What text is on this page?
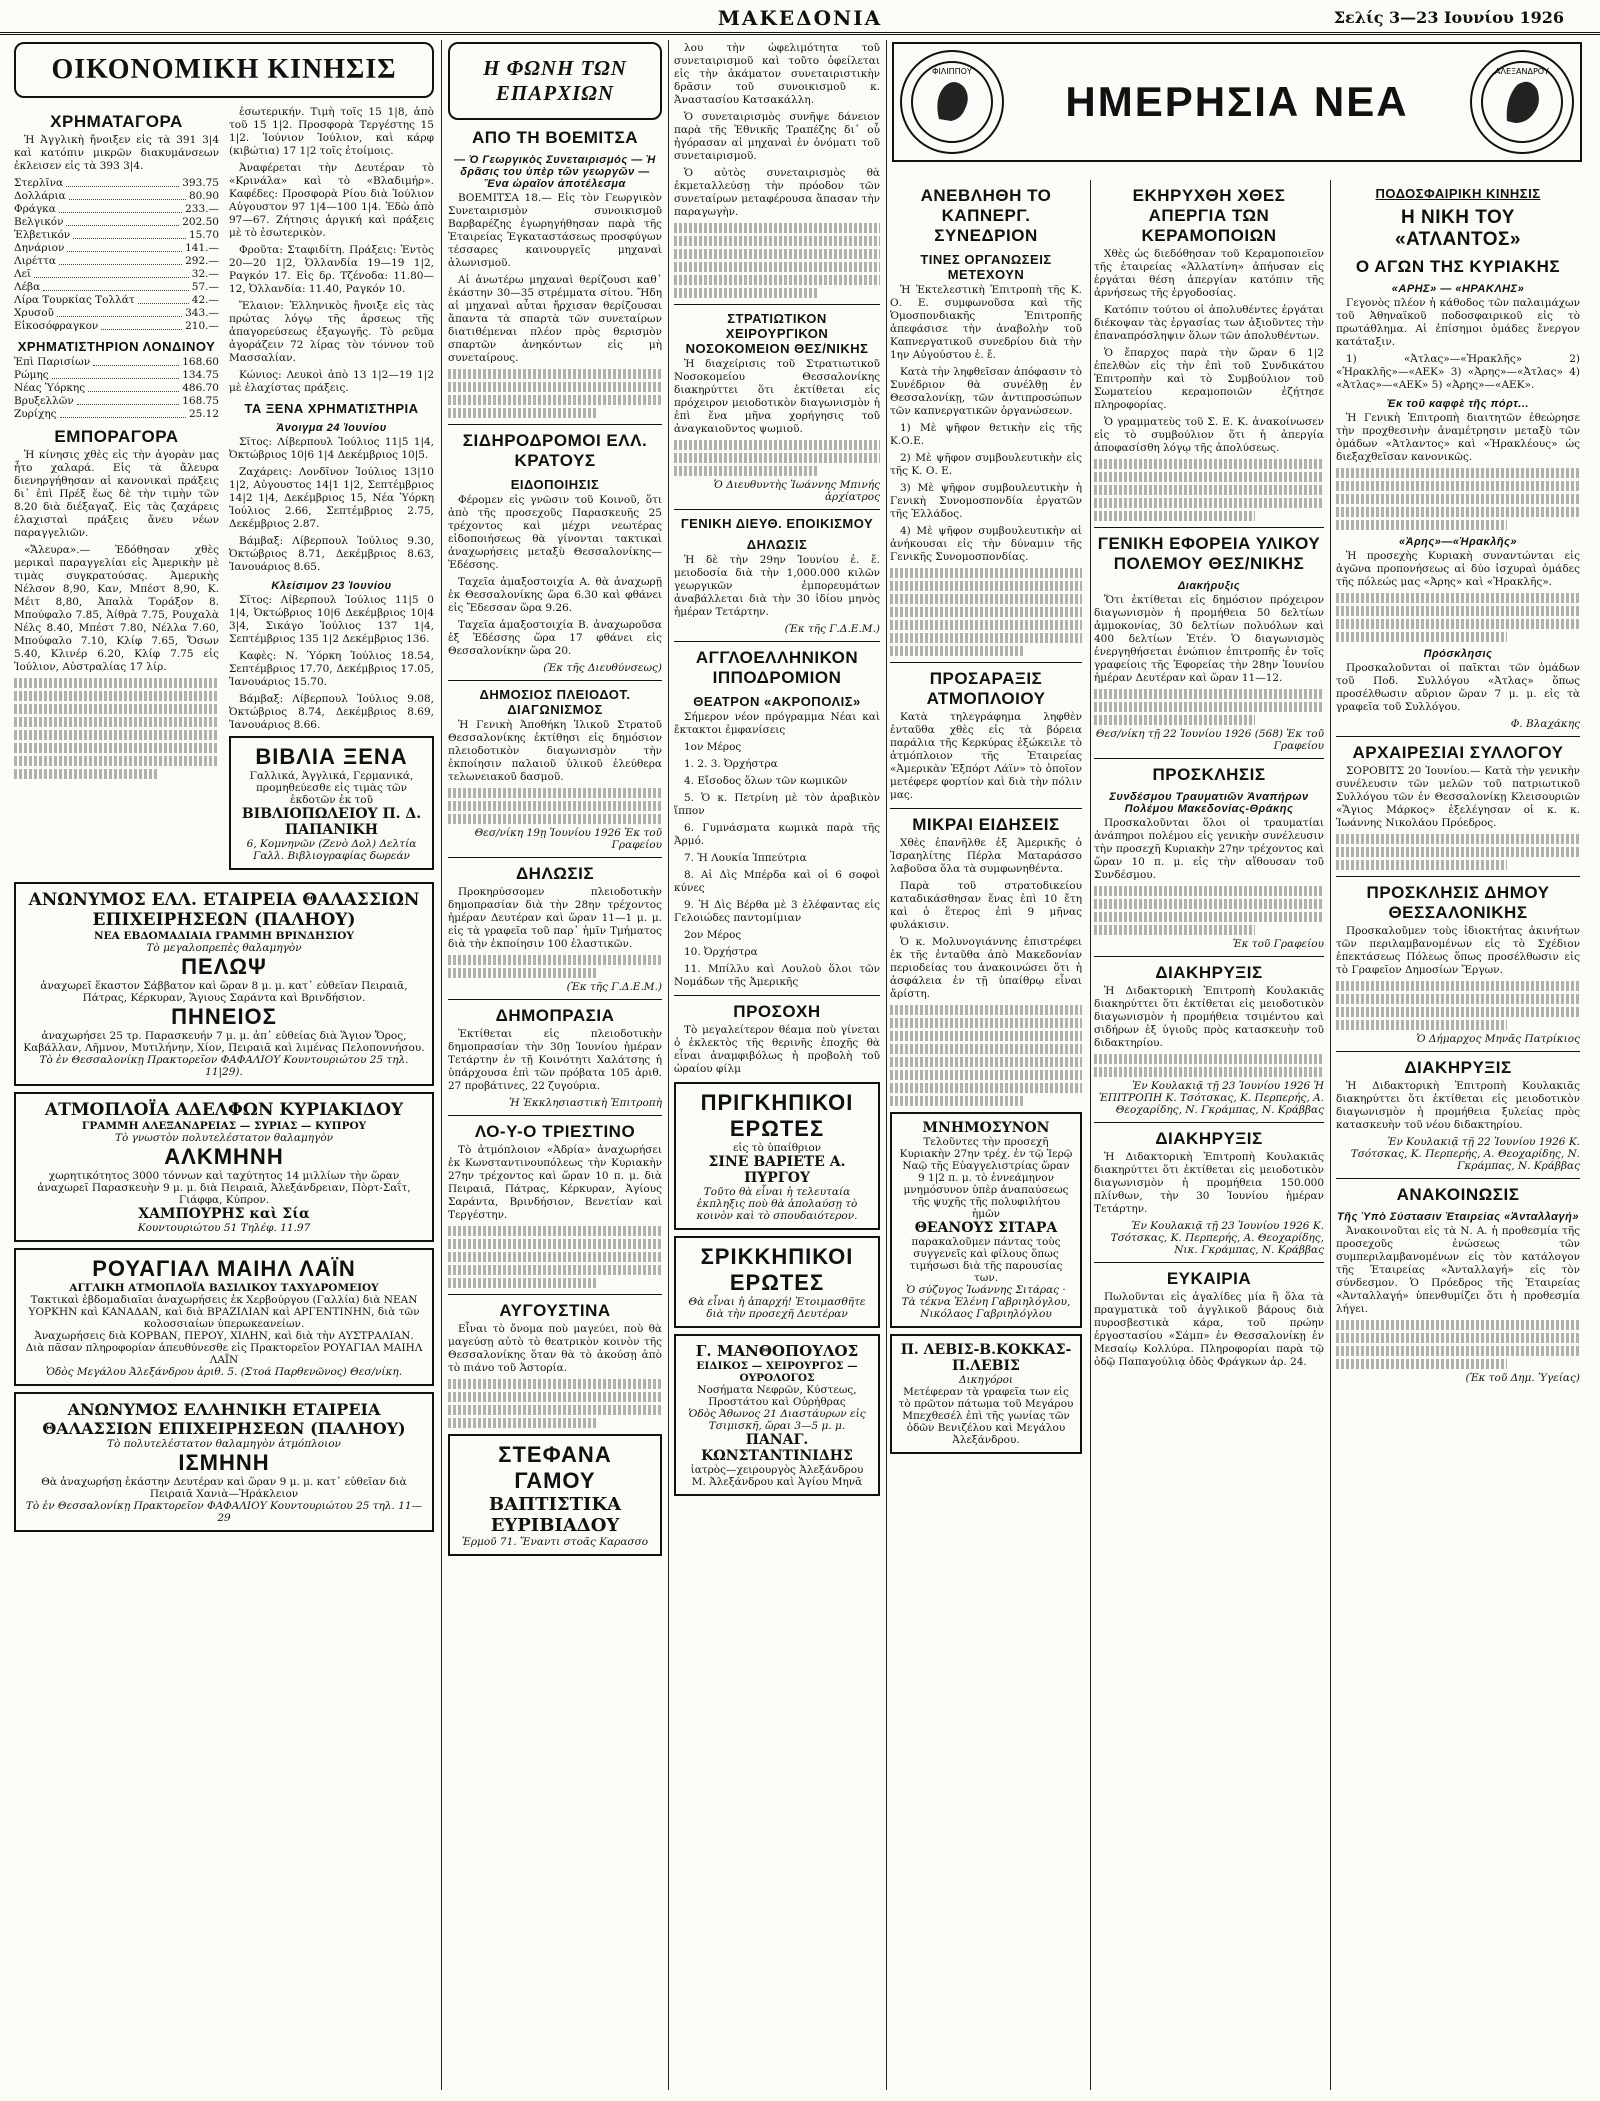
ΜΑΚΕΔΟΝΙΑ	Σελίς 3—23 Ιουνίου 1926
ΟΙΚΟΝΟΜΙΚΗ ΚΙΝΗΣΙΣ
ΧΡΗΜΑΤΑΓΟΡΑ

Ἡ Ἀγγλικὴ ἤνοιξεν εἰς τὰ 391 3|4 καὶ κατόπιν μικρῶν διακυμάνσεων ἐκλεισεν εἰς τὰ 393 3|4.

Στερλῖνα	393.75
Δολλάρια	80.90
Φράγκα	233.—
Βελγικόν	202.50
Ἑλβετικόν	15.70
Δηνάριον	141.—
Λιρέττα	292.—
Λεῖ	32.—
Λέβα	57.—
Λίρα Τουρκίας Τολλάτ	42.—
Χρυσοῦ	343.—
Εἰκοσόφραγκον	210.—
ΧΡΗΜΑΤΙΣΤΗΡΙΟΝ ΛΟΝΔΙΝΟΥ
Ἐπὶ Παρισίων	168.60
Ρώμης	134.75
Νέας Ὑόρκης	486.70
Βρυξελλῶν	168.75
Ζυρίχης	25.12
ΕΜΠΟΡΑΓΟΡΑ

Ἡ κίνησις χθὲς εἰς τὴν ἀγορὰν μας ἦτο χαλαρά. Εἰς τὰ ἄλευρα διενηργήθησαν αἱ κανονικαὶ πράξεις δι᾽ ἐπὶ Πρέξ ἕως δὲ τὴν τιμὴν τῶν 8.20 διὰ διέξαγαζ. Εἰς τὰς ζαχάρεις ἐλαχισταὶ πράξεις ἄνευ νέων παραγγελιῶν.

«Ἄλευρα».— Ἐδόθησαν χθὲς μερικαὶ παραγγελίαι εἰς Ἀμερικὴν μὲ τιμὰς συγκρατούσας. Ἀμερικὴς Νέλσον 8,90, Καν, Μπέστ 8,90, Κ. Μέιτ 8,80, Ἀπαλὰ Τοράξον 8. Μπούφαλο 7.85, Ἀίθρὰ 7.75, Ρουχαλὰ Νέλς 8.40, Μπέστ 7.80, Νέλλα 7.60, Μπούφαλο 7.10, Κλίφ 7.65, Ὄσων 5.40, Κλινέρ 6.20, Κλίφ 7.75 εἰς Ἰούλιον, Αὐστραλίας 17 λίρ.

ἐσωτερικήν. Τιμὴ τοῖς 15 1|8, ἀπὸ τοῦ 15 1|2. Προσφορὰ Τεργέστης 15 1|2. Ἰούνιον Ἰούλιον, καὶ κάρφ (κιβώτια) 17 1|2 τοῖς ἐτοίμοις.

Ἀναφέρεται τὴν Δευτέραν τὸ «Κρινάλα» καὶ τὸ «Βλαδιμήρ». Καφέδες: Προσφορὰ Ρίου διὰ Ἰούλιον Αὐγουστον 97 1|4—100 1|4. Ἐδὼ ἀπὸ 97—67. Ζήτησις ἀργική καὶ πράξεις μὲ τὸ ἐσωτερικὸν.

Φροῦτα: Σταφιδίτη. Πράξεις: Ἐντὸς 20—20 1|2, Ὀλλανδία 19—19 1|2, Ραγκόν 17. Εἰς δρ. Τζένοδα: 11.80—12, Ὀλλανδία: 11.40, Ραγκόν 10.

Ἔλαιον: Ἑλληνικὸς ἤνοιξε εἰς τὰς πρώτας λόγῳ τῆς ἀρσεως τῆς ἀπαγορεύσεως ἐξαγωγῆς. Τὸ ρεῦμα ἀγοράζειν 72 λίρας τὸν τόννον τοῦ Μασσαλίαν.

Κώνιος: Λευκοὶ ἀπὸ 13 1|2—19 1|2 μὲ ἐλαχίστας πράξεις.

ΤΑ ΞΕΝΑ ΧΡΗΜΑΤΙΣΤΗΡΙΑ
Ἀνοιγμα 24 Ἰουνίου

Σῖτος: Λίβερπουλ Ἰούλιος 11|5 1|4, Ὀκτώβριος 10|6 1|4 Δεκέμβριος 10|5.

Ζαχάρεις: Λονδῖνον Ἰούλιος 13|10 1|2, Αὐγουστος 14|1 1|2, Σεπτέμβριος 14|2 1|4, Δεκέμβριος 15, Νέα Ὑόρκη Ἰούλιος 2.66, Σεπτέμβριος 2.75, Δεκέμβριος 2.87.

Βάμβαξ: Λίβερπουλ Ἰούλιος 9.30, Ὀκτώβριος 8.71, Δεκέμβριος 8.63, Ἰανουάριος 8.65.

Κλείσιμον 23 Ἰουνίου

Σῖτος: Λίβερπουλ Ἰούλιος 11|5 0 1|4, Ὀκτώβριος 10|6 Δεκέμβριος 10|4 3|4, Σικάγο Ἰούλιος 137 1|4, Σεπτέμβριος 135 1|2 Δεκέμβριος 136.

Καφὲς: Ν. Ὑόρκη Ἰούλιος 18.54, Σεπτέμβριος 17.70, Δεκέμβριος 17.05, Ἰανουάριος 15.70.

Βάμβαξ: Λίβερπουλ Ἰούλιος 9.08, Ὀκτώβριος 8.74, Δεκέμβριος 8.69, Ἰανουάριος 8.66.

ΒΙΒΛΙΑ ΞΕΝΑ
Γαλλικά, Ἀγγλικά, Γερμανικά, προμηθεύεσθε εἰς τιμὰς τῶν ἐκδοτῶν ἐκ τοῦ
ΒΙΒΛΙΟΠΩΛΕΙΟΥ Π. Δ. ΠΑΠΑΝΙΚΗ
6, Κομνηνῶν (Ζενὸ Δολ) Δελτία Γαλλ. Βιβλιογραφίας δωρεάν
ΑΝΩΝΥΜΟΣ ΕΛΛ. ΕΤΑΙΡΕΙΑ ΘΑΛΑΣΣΙΩΝ ΕΠΙΧΕΙΡΗΣΕΩΝ (ΠΑΛΗΟΥ)
ΝΕΑ ΕΒΔΟΜΑΔΙΑΙΑ ΓΡΑΜΜΗ ΒΡΙΝΔΗΣΙΟΥ
Τὸ μεγαλοπρεπὲς θαλαμηγὸν
ΠΕΛΩΨ
ἀναχωρεῖ ἕκαστον Σάββατον καὶ ὥραν 8 μ. μ. κατ᾽ εὐθεῖαν Πειραιᾶ, Πάτρας, Κέρκυραν, Ἅγιους Σαράντα καὶ Βρινδήσιον.
ΠΗΝΕΙΟΣ
ἀναχωρήσει 25 τρ. Παρασκευήν 7 μ. μ. ἀπ᾽ εὐθείας διὰ Ἅγιον Ὄρος, Καβάλλαν, Λῆμνον, Μυτιλήνην, Χίον, Πειραιᾶ καὶ λιμένας Πελοποννήσου.
Τὸ ἐν Θεσσαλονίκῃ Πρακτορεῖον ΦΑΦΑΛΙΟΥ Κουντουριώτου 25 τηλ. 11|29).
ΑΤΜΟΠΛΟΪΑ ΑΔΕΛΦΩΝ ΚΥΡΙΑΚΙΔΟΥ
ΓΡΑΜΜΗ ΑΛΕΞΑΝΔΡΕΙΑΣ — ΣΥΡΙΑΣ — ΚΥΠΡΟΥ
Τὸ γνωστὸν πολυτελέστατον θαλαμηγὸν
ΑΛΚΜΗΝΗ
χωρητικότητος 3000 τόννων καὶ ταχύτητος 14 μιλλίων τὴν ὥραν ἀναχωρεῖ Παρασκευὴν 9 μ. μ. διὰ Πειραιᾶ, Ἀλεξάνδρειαν, Πὸρτ-Σαΐτ, Γιάφφα, Κύπρον.
ΧΑΜΠΟΥΡΗΣ καὶ Σία
Κουντουριώτου 51 Τηλέφ. 11.97
ΡΟΥΑΓΙΑΛ ΜΑΙΗΛ ΛΑΪΝ
ΑΓΓΛΙΚΗ ΑΤΜΟΠΛΟΪΑ ΒΑΣΙΛΙΚΟΥ ΤΑΧΥΔΡΟΜΕΙΟΥ
Τακτικαὶ ἑβδομαδιαῖαι ἀναχωρήσεις ἐκ Χερβούργου (Γαλλία) διὰ ΝΕΑΝ ΥΟΡΚΗΝ καὶ ΚΑΝΑΔΑΝ, καὶ διὰ ΒΡΑΖΙΛΙΑΝ καὶ ΑΡΓΕΝΤΙΝΗΝ, διὰ τῶν κολοσσιαίων ὑπερωκεανείων.
Ἀναχωρήσεις διὰ ΚΟΡΒΑΝ, ΠΕΡΟΥ, ΧΙΛΗΝ, καὶ διὰ τὴν ΑΥΣΤΡΑΛΙΑΝ.
Διὰ πᾶσαν πληροφορίαν ἀπευθύνεσθε εἰς Πρακτορεῖον ΡΟΥΑΓΙΑΛ ΜΑΙΗΛ ΛΑΪΝ
Ὁδὸς Μεγάλου Ἀλεξάνδρου ἀριθ. 5. (Στοά Παρθενῶνος) Θεσ/νίκη.
ΑΝΩΝΥΜΟΣ ΕΛΛΗΝΙΚΗ ΕΤΑΙΡΕΙΑ ΘΑΛΑΣΣΙΩΝ ΕΠΙΧΕΙΡΗΣΕΩΝ (ΠΑΛΗΟΥ)
Τὸ πολυτελέστατον θαλαμηγὸν ἀτμόπλοιον
ΙΣΜΗΝΗ
Θὰ ἀναχωρήσῃ ἑκάστην Δευτέραν καὶ ὥραν 9 μ. μ. κατ᾽ εὐθεῖαν διὰ Πειραιᾶ Χανιὰ—Ἡράκλειον
Τὸ ἐν Θεσσαλονίκῃ Πρακτορεῖον ΦΑΦΑΛΙΟΥ Κουντουριώτου 25 τηλ. 11—29
Η ΦΩΝΗ ΤΩΝ ΕΠΑΡΧΙΩΝ
ΑΠΟ ΤΗ ΒΟΕΜΙΤΣΑ
— Ὁ Γεωργικὸς Συνεταιρισμός — Ἡ δρᾶσις του ὑπὲρ τῶν γεωργῶν — Ἕνα ὡραῖον ἀποτέλεσμα

ΒΟΕΜΙΤΣΑ 18.— Εἰς τὸν Γεωργικὸν Συνεταιρισμὸν συνοικισμοῦ Βαρβαρέζης ἐγωρηγήθησαν παρὰ τῆς Ἐταιρείας Ἐγκαταστάσεως προσφύγων τέσσαρες καινουργεῖς μηχαναὶ ἀλωνισμοῦ.

Αἱ ἀνωτέρω μηχαναὶ θερίζουσι καθ᾽ ἑκάστην 30—35 στρέμματα σίτου. Ἤδη αἱ μηχαναὶ αὗται ἤρχισαν θερίζουσαι ἅπαντα τὰ σπαρτὰ τῶν συνεταίρων διατιθέμεναι πλέον πρὸς θερισμὸν σπαρτῶν ἀνηκόντων εἰς μὴ συνεταίρους.

ΣΙΔΗΡΟΔΡΟΜΟΙ ΕΛΛ. ΚΡΑΤΟΥΣ
ΕΙΔΟΠΟΙΗΣΙΣ

Φέρομεν εἰς γνῶσιν τοῦ Κοινοῦ, ὅτι ἀπὸ τῆς προσεχοῦς Παρασκευῆς 25 τρέχοντος καὶ μέχρι νεωτέρας εἰδοποιήσεως θὰ γίνονται τακτικαὶ ἀναχωρήσεις μεταξὺ Θεσσαλονίκης—Ἐδέσσης.

Ταχεῖα ἁμαξοστοιχία Α. θὰ ἀναχωρῇ ἐκ Θεσσαλονίκης ὥρα 6.30 καὶ φθάνει εἰς Ἔδεσσαν ὥρα 9.26.

Ταχεῖα ἁμαξοστοιχία Β. ἀναχωροῦσα ἐξ Ἐδέσσης ὥρα 17 φθάνει εἰς Θεσσαλονίκην ὥρα 20.

(Ἐκ τῆς Διευθύνσεως)
ΔΗΜΟΣΙΟΣ ΠΛΕΙΟΔΟΤ. ΔΙΑΓΩΝΙΣΜΟΣ

Ἡ Γενικὴ Ἀποθήκη Ἰλικοῦ Στρατοῦ Θεσσαλονίκης ἐκτίθησι εἰς δημόσιον πλειοδοτικὸν διαγωνισμὸν τὴν ἐκποίησιν παλαιοῦ ὑλικοῦ ἐλεύθερα τελωνειακοῦ δασμοῦ.

Θεσ/νίκη 19ῃ Ἰουνίου 1926 Ἐκ τοῦ Γραφείου
ΔΗΛΩΣΙΣ

Προκηρύσσομεν πλειοδοτικὴν δημοπρασίαν διὰ τὴν 28ην τρέχοντος ἡμέραν Δευτέραν καὶ ὥραν 11—1 μ. μ. εἰς τὰ γραφεῖα τοῦ παρ᾽ ἡμῖν Τμήματος διὰ τὴν ἐκποίησιν 100 ἐλαστικῶν.

(Ἐκ τῆς Γ.Δ.Ε.Μ.)
ΔΗΜΟΠΡΑΣΙΑ

Ἐκτίθεται εἰς πλειοδοτικὴν δημοπρασίαν τὴν 30ῃ Ἰουνίου ἡμέραν Τετάρτην ἐν τῇ Κοινότητι Χαλάτσης ἡ ὑπάρχουσα ἐπὶ τῶν πρόβατα 105 ἀριθ. 27 προβάτινες, 22 ζυγούρια.

Ἡ Ἐκκλησιαστικὴ Ἐπιτροπὴ
ΛΟ-Υ-Ο ΤΡΙΕΣΤΙΝΟ

Τὸ ἀτμόπλοιον «Ἀδρία» ἀναχωρήσει ἐκ Κωνσταντινουπόλεως τὴν Κυριακὴν 27ην τρέχοντος καὶ ὥραν 10 π. μ. διὰ Πειραιᾶ, Πάτρας, Κέρκυραν, Ἀγίους Σαράντα, Βρινδήσιον, Βενετίαν καὶ Τεργέστην.

ΑΥΓΟΥΣΤΙΝΑ

Εἶναι τὸ ὄνομα ποὺ μαγεύει, ποὺ θὰ μαγεύσῃ αὐτὸ τὸ θεατρικὸν κοινὸν τῆς Θεσσαλονίκης ὅταν θὰ τὸ ἀκούσῃ ἀπὸ τὸ πιάνο τοῦ Ἀστορία.

ΣΤΕΦΑΝΑ ΓΑΜΟΥ
ΒΑΠΤΙΣΤΙΚΑ
ΕΥΡΙΒΙΑΔΟΥ
Ἐρμοῦ 71. Ἔναντι στοᾶς Καρασσο

λου τὴν ὠφελιμότητα τοῦ συνεταιρισμοῦ καὶ τοῦτο ὀφείλεται εἰς τὴν ἀκάματον συνεταιριστικὴν δρᾶσιν τοῦ συνοικισμοῦ κ. Ἀναστασίου Κατσακάλλη.

Ὁ συνεταιρισμὸς συνῆψε δάνειον παρὰ τῆς Ἐθνικῆς Τραπέζης δι᾽ οὗ ἠγόρασαν αἱ μηχαναὶ ἐν ὀνόματι τοῦ συνεταιρισμοῦ.

Ὁ αὐτὸς συνεταιρισμὸς θὰ ἐκμεταλλεύσῃ τὴν πρόοδον τῶν συνεταίρων μεταφέρουσα ἅπασαν τὴν παραγωγὴν.

ΣΤΡΑΤΙΩΤΙΚΟΝ ΧΕΙΡΟΥΡΓΙΚΟΝ ΝΟΣΟΚΟΜΕΙΟΝ ΘΕΣ/ΝΙΚΗΣ

Ἡ διαχείρισις τοῦ Στρατιωτικοῦ Νοσοκομείου Θεσσαλονίκης διακηρύττει ὅτι ἐκτίθεται εἰς πρόχειρον μειοδοτικὸν διαγωνισμὸν ἡ ἐπὶ ἕνα μῆνα χορήγησις τοῦ ἀναγκαιοῦντος ψωμιοῦ.

Ὁ Διευθυντὴς Ἰωάννης Μπινής ἀρχίατρος
ΓΕΝΙΚΗ ΔΙΕΥΘ. ΕΠΟΙΚΙΣΜΟΥ
ΔΗΛΩΣΙΣ

Ἡ δὲ τὴν 29ην Ἰουνίου ἐ. ἔ. μειοδοσία διὰ τὴν 1,000.000 κιλῶν γεωργικῶν ἐμπορευμάτων ἀναβάλλεται διὰ τὴν 30 ἰδίου μηνὸς ἡμέραν Τετάρτην.

(Ἐκ τῆς Γ.Δ.Ε.Μ.)
ΑΓΓΛΟΕΛΛΗΝΙΚΟΝ ΙΠΠΟΔΡΟΜΙΟΝ
ΘΕΑΤΡΟΝ «ΑΚΡΟΠΟΛΙΣ»

Σήμερον νέον πρόγραμμα Νέαι καὶ ἔκτακτοι ἐμφανίσεις

1ον Μέρος

1. 2. 3. Ὀρχήστρα

4. Εἴσοδος ὅλων τῶν κωμικῶν

5. Ὁ κ. Πετρίνη μὲ τὸν ἀραβικὸν ἵππον

6. Γυμνάσματα κωμικὰ παρὰ τῆς Ἀρμό.

7. Ἡ Λουκία Ἱππεύτρια

8. Αἱ Δὶς Μπέρδα καὶ οἱ 6 σοφοὶ κύνες

9. Ἡ Δὶς Βέρθα μὲ 3 ἐλέφαντας εἰς Γελοιώδες παντομίμιαν

2ον Μέρος

10. Ὀρχήστρα

11. Μπίλλυ καὶ Λουλοὺ ὅλοι τῶν Νομάδων τῆς Ἀμερικῆς

ΠΡΟΣΟΧΗ

Τὸ μεγαλείτερον θέαμα ποὺ γίνεται ὁ ἐκλεκτὸς τῆς θερινῆς ἐποχῆς θὰ εἶναι ἀναμφιβόλως ἡ προβολὴ τοῦ ὡραίου φίλμ

ΠΡΙΓΚΗΠΙΚΟΙ ΕΡΩΤΕΣ
εἰς τὸ ὑπαίθριον
ΣΙΝΕ ΒΑΡΙΕΤΕ Α. ΠΥΡΓΟΥ
Τοῦτο θὰ εἶναι ἡ τελευταία ἐκπληξις ποὺ θὰ ἀπολαύσῃ τὸ κοινὸν καὶ τὸ σπουδαιότερον.
ΣΡΙΚΚΗΠΙΚΟΙ ΕΡΩΤΕΣ
Θὰ εἶναι ἡ ἀπαρχή! Ἑτοιμασθῆτε διὰ τὴν προσεχῆ Δευτέραν
Γ. ΜΑΝΘΟΠΟΥΛΟΣ
ΕΙΔΙΚΟΣ — ΧΕΙΡΟΥΡΓΟΣ — ΟΥΡΟΛΟΓΟΣ
Νοσήματα Νεφρῶν, Κύστεως, Προστάτου καὶ Οὐρήθρας
Ὁδὸς Ἀθωνος 21 Διαστάυρων εἰς Τσιμισκῆ, ὥραι 3—5 μ. μ.
ΠΑΝΑΓ. ΚΩΝΣΤΑΝΤΙΝΙΔΗΣ
ἰατρὸς—χειρουργὸς Ἀλεξάνδρου Μ. Ἀλεξάνδρου καὶ Ἁγίου Μηνᾶ
ΦΙΛΙΠΠΟΥ
ΗΜΕΡΗΣΙΑ ΝΕΑ
ΑΛΕΞΑΝΔΡΟΥ
ΑΝΕΒΛΗΘΗ ΤΟ ΚΑΠΝΕΡΓ. ΣΥΝΕΔΡΙΟΝ
ΤΙΝΕΣ ΟΡΓΑΝΩΣΕΙΣ ΜΕΤΕΧΟΥΝ

Ἡ Ἐκτελεστικὴ Ἐπιτροπὴ τῆς Κ. Ο. Ε. συμφωνοῦσα καὶ τῆς Ὁμοσπονδιακῆς Ἐπιτροπῆς ἀπεφάσισε τὴν ἀναβολὴν τοῦ Καπνεργατικοῦ συνεδρίου διὰ τὴν 1ην Αὐγούστου ἐ. ἔ.

Κατὰ τὴν ληφθεῖσαν ἀπόφασιν τὸ Συνέδριον θὰ συνέλθῃ ἐν Θεσσαλονίκῃ, τῶν ἀντιπροσώπων τῶν καπνεργατικῶν ὀργανώσεων.

1) Μὲ ψῆφον θετικὴν εἰς τῆς Κ.Ο.Ε.

2) Μὲ ψῆφον συμβουλευτικὴν εἰς τῆς Κ. Ο. Ε.

3) Μὲ ψῆφον συμβουλευτικὴν ἡ Γενικὴ Συνομοσπονδία ἐργατῶν τῆς Ἑλλάδος.

4) Μὲ ψῆφον συμβουλευτικὴν αἱ ἀνήκουσαι εἰς τὴν δύναμιν τῆς Γενικῆς Συνομοσπονδίας.

ΠΡΟΣΑΡΑΞΙΣ ΑΤΜΟΠΛΟΙΟΥ

Κατὰ τηλεγράφημα ληφθὲν ἐνταῦθα χθὲς εἰς τὰ βόρεια παράλια τῆς Κερκύρας ἐξώκειλε τὸ ἀτμόπλοιον τῆς Ἐταιρείας «Ἀμερικὰν Ἐξπόρτ Λάϊν» τὸ ὁποῖον μετέφερε φορτίον καὶ διὰ τὴν πόλιν μας.

ΜΙΚΡΑΙ ΕΙΔΗΣΕΙΣ

Χθὲς ἐπανῆλθε ἐξ Ἀμερικῆς ὁ Ἰσραηλίτης Πέρλα Ματαράσσο λαβοῦσα ὅλα τὰ συμφωνηθέντα.

Παρὰ τοῦ στρατοδικείου καταδικάσθησαν ἕνας ἐπὶ 10 ἔτη καὶ ὁ ἕτερος ἐπὶ 9 μῆνας φυλάκισιν.

Ὁ κ. Μολυνογιάννης ἐπιστρέφει ἐκ τῆς ἐνταῦθα ἀπὸ Μακεδονίαν περιοδείας του ἀνακοινώσει ὅτι ἡ ἀσφάλεια ἐν τῇ ὑπαίθρῳ εἶναι ἄρίστη.

ΜΝΗΜΟΣΥΝΟΝ
Τελοῦντες τὴν προσεχῆ Κυριακὴν 27ην τρέχ. ἐν τῷ Ἱερῷ Ναῷ τῆς Εὐαγγελιστρίας ὥραν 9 1|2 π. μ. τὸ ἐννεάμηνον μνημόσυνον ὑπὲρ ἀναπαύσεως τῆς ψυχῆς τῆς πολυφιλήτου ἡμῶν
ΘΕΑΝΟΥΣ ΣΙΤΑΡΑ
παρακαλοῦμεν πάντας τοὺς συγγενεῖς καὶ φίλους ὅπως τιμήσωσι διὰ τῆς παρουσίας των.
Ὁ σύζυγος Ἰωάννης Σιτάρας · Τὰ τέκνα Ἑλένη Γαβριηλόγλου, Νικόλαος Γαβριηλόγλου
Π. ΛΕΒΙΣ-Β.ΚΟΚΚΑΣ-Π.ΛΕΒΙΣ
Δικηγόροι
Μετέφεραν τὰ γραφεῖα των εἰς τὸ πρῶτον πάτωμα τοῦ Μεγάρου Μπεχθεσέλ ἐπὶ τῆς γωνίας τῶν ὁδῶν Βενιζέλου καὶ Μεγάλου Ἀλεξάνδρου.
ΕΚΗΡΥΧΘΗ ΧΘΕΣ ΑΠΕΡΓΙΑ ΤΩΝ ΚΕΡΑΜΟΠΟΙΩΝ

Χθὲς ὡς διεδόθησαν τοῦ Κεραμοποιεῖον τῆς ἐταιρείας «Ἀλλατίνη» ἀπήυσαν εἰς ἐργάται θέση ἀπεργίαν κατόπιν τῆς ἀρνήσεως τῆς ἐργοδοσίας.

Κατόπιν τούτου οἱ ἀπολυθέντες ἐργάται διέκοψαν τὰς ἐργασίας των ἀξιοῦντες τὴν ἐπαναπρόσληψιν ὅλων τῶν ἀπολυθέντων.

Ὁ ἔπαρχος παρὰ τὴν ὥραν 6 1|2 ἐπελθὼν εἰς τὴν ἐπὶ τοῦ Συνδικάτου Ἐπιτροπὴν καὶ τὸ Συμβούλιον τοῦ Σωματείου κεραμοποιῶν ἐζήτησε πληροφορίας.

Ὁ γραμματεὺς τοῦ Σ. Ε. Κ. ἀνακοίνωσεν εἰς τὸ συμβούλιον ὅτι ἡ ἀπεργία ἀποφασίσθη λόγῳ τῆς ἀπολύσεως.

ΓΕΝΙΚΗ ΕΦΟΡΕΙΑ ΥΛΙΚΟΥ ΠΟΛΕΜΟΥ ΘΕΣ/ΝΙΚΗΣ
Διακήρυξις

Ὅτι ἐκτίθεται εἰς δημόσιον πρόχειρον διαγωνισμὸν ἡ προμήθεια 50 δελτίων ἀμμοκονίας, 30 δελτίων πολυόλων καὶ 400 δελτίων Ἐτέν. Ὁ διαγωνισμὸς ἐνεργηθήσεται ἐνώπιον ἐπιτροπῆς ἐν τοῖς γραφείοις τῆς Ἐφορείας τὴν 28ην Ἰουνίου ἡμέραν Δευτέραν καὶ ὥραν 11—12.

Θεσ/νίκη τῇ 22 Ἰουνίου 1926 (568) Ἐκ τοῦ Γραφείου
ΠΡΟΣΚΛΗΣΙΣ
Συνδέσμου Τραυματιῶν Ἀναπήρων Πολέμου Μακεδονίας-Θράκης

Προσκαλοῦνται ὅλοι οἱ τραυματίαι ἀνάπηροι πολέμου εἰς γενικὴν συνέλευσιν τὴν προσεχῆ Κυριακὴν 27ην τρέχοντος καὶ ὥραν 10 π. μ. εἰς τὴν αἴθουσαν τοῦ Συνδέσμου.

Ἐκ τοῦ Γραφείου
ΔΙΑΚΗΡΥΞΙΣ

Ἡ Διδακτορικὴ Ἐπιτροπὴ Κουλακιᾶς διακηρύττει ὅτι ἐκτίθεται εἰς μειοδοτικὸν διαγωνισμὸν ἡ προμήθεια τσιμέντου καὶ σιδήρων ἐξ ὑγιοῦς πρὸς κατασκευὴν τοῦ διδακτηρίου.

Ἐν Κουλακιᾷ τῇ 23 Ἰουνίου 1926 Ἡ ἘΠΙΤΡΟΠΗ Κ. Τσότσκας, Κ. Περπερής, Α. Θεοχαρίδης, Ν. Γκράμπας, Ν. Κράββας
ΔΙΑΚΗΡΥΞΙΣ

Ἡ Διδακτορικὴ Ἐπιτροπὴ Κουλακιᾶς διακηρύττει ὅτι ἐκτίθεται εἰς μειοδοτικὸν διαγωνισμὸν ἡ προμήθεια 150.000 πλίνθων, τὴν 30 Ἰουνίου ἡμέραν Τετάρτην.

Ἐν Κουλακιᾷ τῇ 23 Ἰουνίου 1926 Κ. Τσότσκας, Κ. Περπερής, Α. Θεοχαρίδης, Νικ. Γκράμπας, Ν. Κράββας
ΕΥΚΑΙΡΙΑ

Πωλοῦνται εἰς ἀγαλίδες μία ἢ ὅλα τὰ πραγματικὰ τοῦ ἀγγλικοῦ βάρους διὰ πυροσβεστικὰ κάρα, τοῦ πρώην ἐργοστασίου «Σάμπ» ἐν Θεσσαλονίκῃ ἐν Μεσαίῳ Κολλύρα. Πληροφορίαι παρὰ τῷ ὁδῷ Παπαγούλιᾳ ὁδὸς Φράγκων ἀρ. 24.

ΠΟΔΟΣΦΑΙΡΙΚΗ ΚΙΝΗΣΙΣ
Η ΝΙΚΗ ΤΟΥ «ΑΤΛΑΝΤΟΣ»
Ο ΑΓΩΝ ΤΗΣ ΚΥΡΙΑΚΗΣ
«ΑΡΗΣ» — «ΗΡΑΚΛΗΣ»

Γεγονὸς πλέον ἡ κάθοδος τῶν παλαιμάχων τοῦ Ἀθηναϊκοῦ ποδοσφαιρικοῦ εἰς τὸ πρωτάθλημα. Αἱ ἐπίσημοι ὁμάδες ἔνεργον κατάταξιν.

1) «Ἀτλας»—«Ἡρακλῆς» 2) «Ἠρακλῆς»—«ΑΕΚ» 3) «Ἀρης»—«Ἀτλας» 4) «Ἀτλας»—«ΑΕΚ» 5) «Ἀρης»—«ΑΕΚ».

Ἐκ τοῦ καφφὲ τῆς πόρτ...

Ἡ Γενικὴ Ἐπιτροπὴ διαιτητῶν ἐθεώρησε τὴν προχθεσινὴν ἀναμέτρησιν μεταξὺ τῶν ὁμάδων «Ἀτλαντος» καὶ «Ἡρακλέους» ὡς διεξαχθεῖσαν κανονικῶς.

«Ἀρης»—«Ἡρακλῆς»

Ἡ προσεχὴς Κυριακὴ συναντώνται εἰς ἀγῶνα προπονήσεως αἱ δύο ἰσχυραὶ ὁμάδες τῆς πόλεώς μας «Ἀρης» καὶ «Ἡρακλῆς».

Πρόσκλησις

Προσκαλοῦνται οἱ παῖκται τῶν ὁμάδων τοῦ Ποδ. Συλλόγου «Ἀτλας» ὅπως προσέλθωσιν αὔριον ὥραν 7 μ. μ. εἰς τὰ γραφεῖα τοῦ Συλλόγου.

Φ. Βλαχάκης
ΑΡΧΑΙΡΕΣΙΑΙ ΣΥΛΛΟΓΟΥ

ΣΟΡΟΒΙΤΣ 20 Ἰουνίου.— Κατὰ τὴν γενικὴν συνέλευσιν τῶν μελῶν τοῦ πατριωτικοῦ Συλλόγου τῶν ἐν Θεσσαλονίκῃ Κλεισουριῶν «Ἅγιος Μάρκος» ἐξελέγησαν οἱ κ. κ. Ἰωάννης Νικολάου Πρόεδρος.

ΠΡΟΣΚΛΗΣΙΣ ΔΗΜΟΥ ΘΕΣΣΑΛΟΝΙΚΗΣ

Προσκαλοῦμεν τοὺς ἰδιοκτήτας ἀκινήτων τῶν περιλαμβανομένων εἰς τὸ Σχέδιον ἐπεκτάσεως Πόλεως ὅπως προσέλθωσιν εἰς τὸ Γραφεῖον Δημοσίων Ἔργων.

Ὁ Δήμαρχος Μηνᾶς Πατρίκιος
ΔΙΑΚΗΡΥΞΙΣ

Ἡ Διδακτορικὴ Ἐπιτροπὴ Κουλακιᾶς διακηρύττει ὅτι ἐκτίθεται εἰς μειοδοτικὸν διαγωνισμὸν ἡ προμήθεια ξυλείας πρὸς κατασκευὴν τοῦ νέου διδακτηρίου.

Ἐν Κουλακιᾷ τῇ 22 Ἰουνίου 1926 Κ. Τσότσκας, Κ. Περπερής, Α. Θεοχαρίδης, Ν. Γκράμπας, Ν. Κράββας
ΑΝΑΚΟΙΝΩΣΙΣ
Τῆς Ὑπὸ Σύστασιν Ἐταιρείας «Ἀνταλλαγή»

Ἀνακοινοῦται εἰς τὰ Ν. Α. ἡ προθεσμία τῆς προσεχοῦς ἐνώσεως τῶν συμπεριλαμβανομένων εἰς τὸν κατάλογον τῆς Ἐταιρείας «Ἀνταλλαγή» εἰς τὸν σύνδεσμον. Ὁ Πρόεδρος τῆς Ἐταιρείας «Ἀνταλλαγή» ὑπενθυμίζει ὅτι ἡ προθεσμία λήγει.

(Ἐκ τοῦ Δημ. Ὑγείας)
